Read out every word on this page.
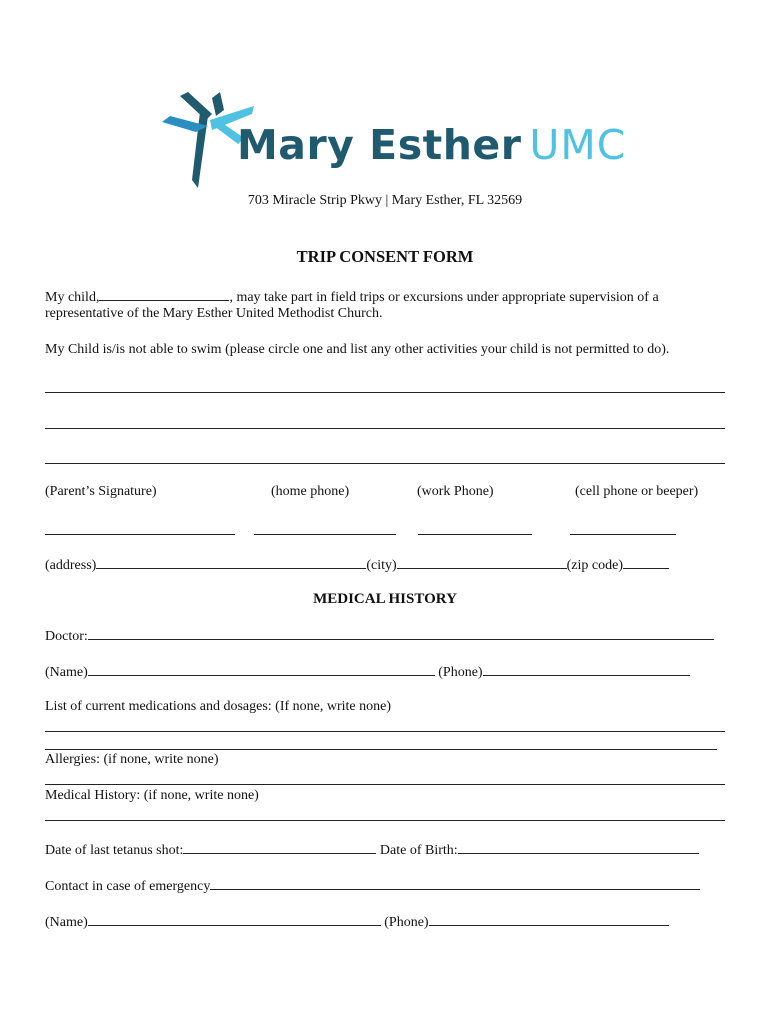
Mary Esther UMC
703 Miracle Strip Pkwy | Mary Esther, FL 32569
TRIP CONSENT FORM
My child,	, may take part in field trips or excursions under appropriate supervision of a
representative of the Mary Esther United Methodist Church.
My Child is/is not able to swim (please circle one and list any other activities your child is not permitted to do).
(Parent’s Signature)	(home phone)	(work Phone)	(cell phone or beeper)
(address)	(city)	(zip code)
MEDICAL HISTORY
Doctor:
(Name)	(Phone)
List of current medications and dosages: (If none, write none)
Allergies: (if none, write none)
Medical History: (if none, write none)
Date of last tetanus shot:	Date of Birth:
Contact in case of emergency
(Name)	(Phone)
